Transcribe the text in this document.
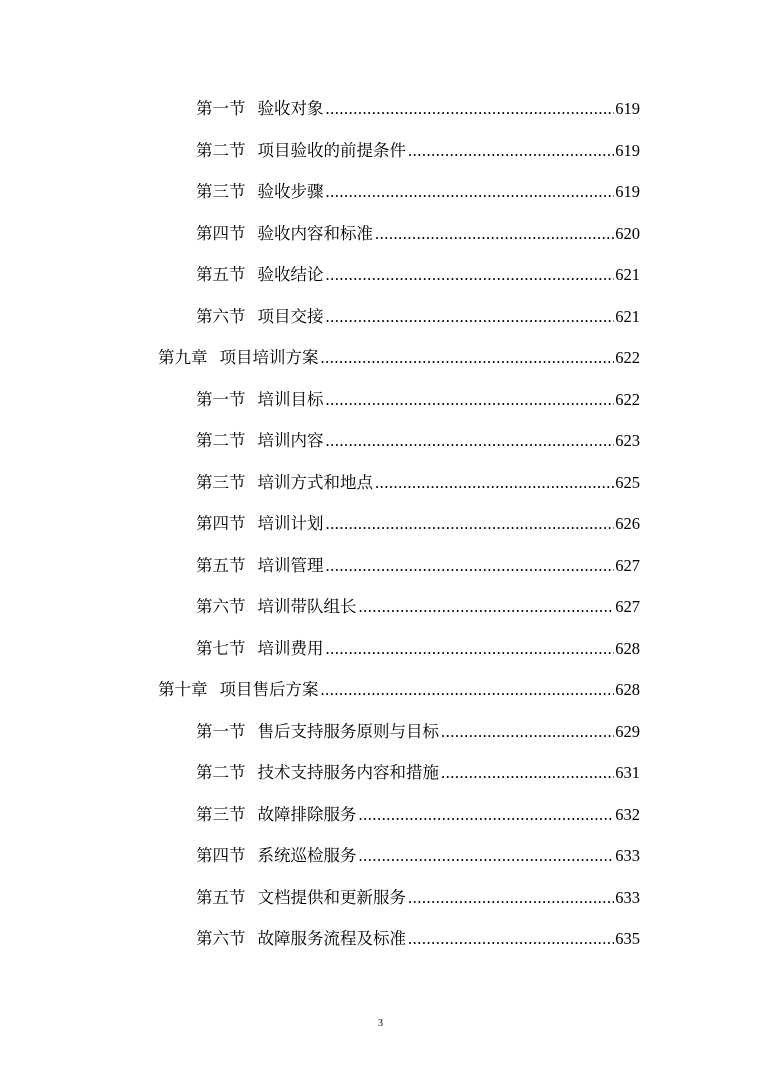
第一节 验收对象 .....	619
第二节 项目验收的前提条件 .....	619
第三节 验收步骤 .....	619
第四节 验收内容和标准 .....	620
第五节 验收结论 .....	621
第六节 项目交接 .....	621
第九章 项目培训方案 .....	622
第一节 培训目标 .....	622
第二节 培训内容 .....	623
第三节 培训方式和地点 .....	625
第四节 培训计划 .....	626
第五节 培训管理 .....	627
第六节 培训带队组长 .....	627
第七节 培训费用 .....	628
第十章 项目售后方案 .....	628
第一节 售后支持服务原则与目标 .....	629
第二节 技术支持服务内容和措施 .....	631
第三节 故障排除服务 .....	632
第四节 系统巡检服务 .....	633
第五节 文档提供和更新服务 .....	633
第六节 故障服务流程及标准 .....	635
3
